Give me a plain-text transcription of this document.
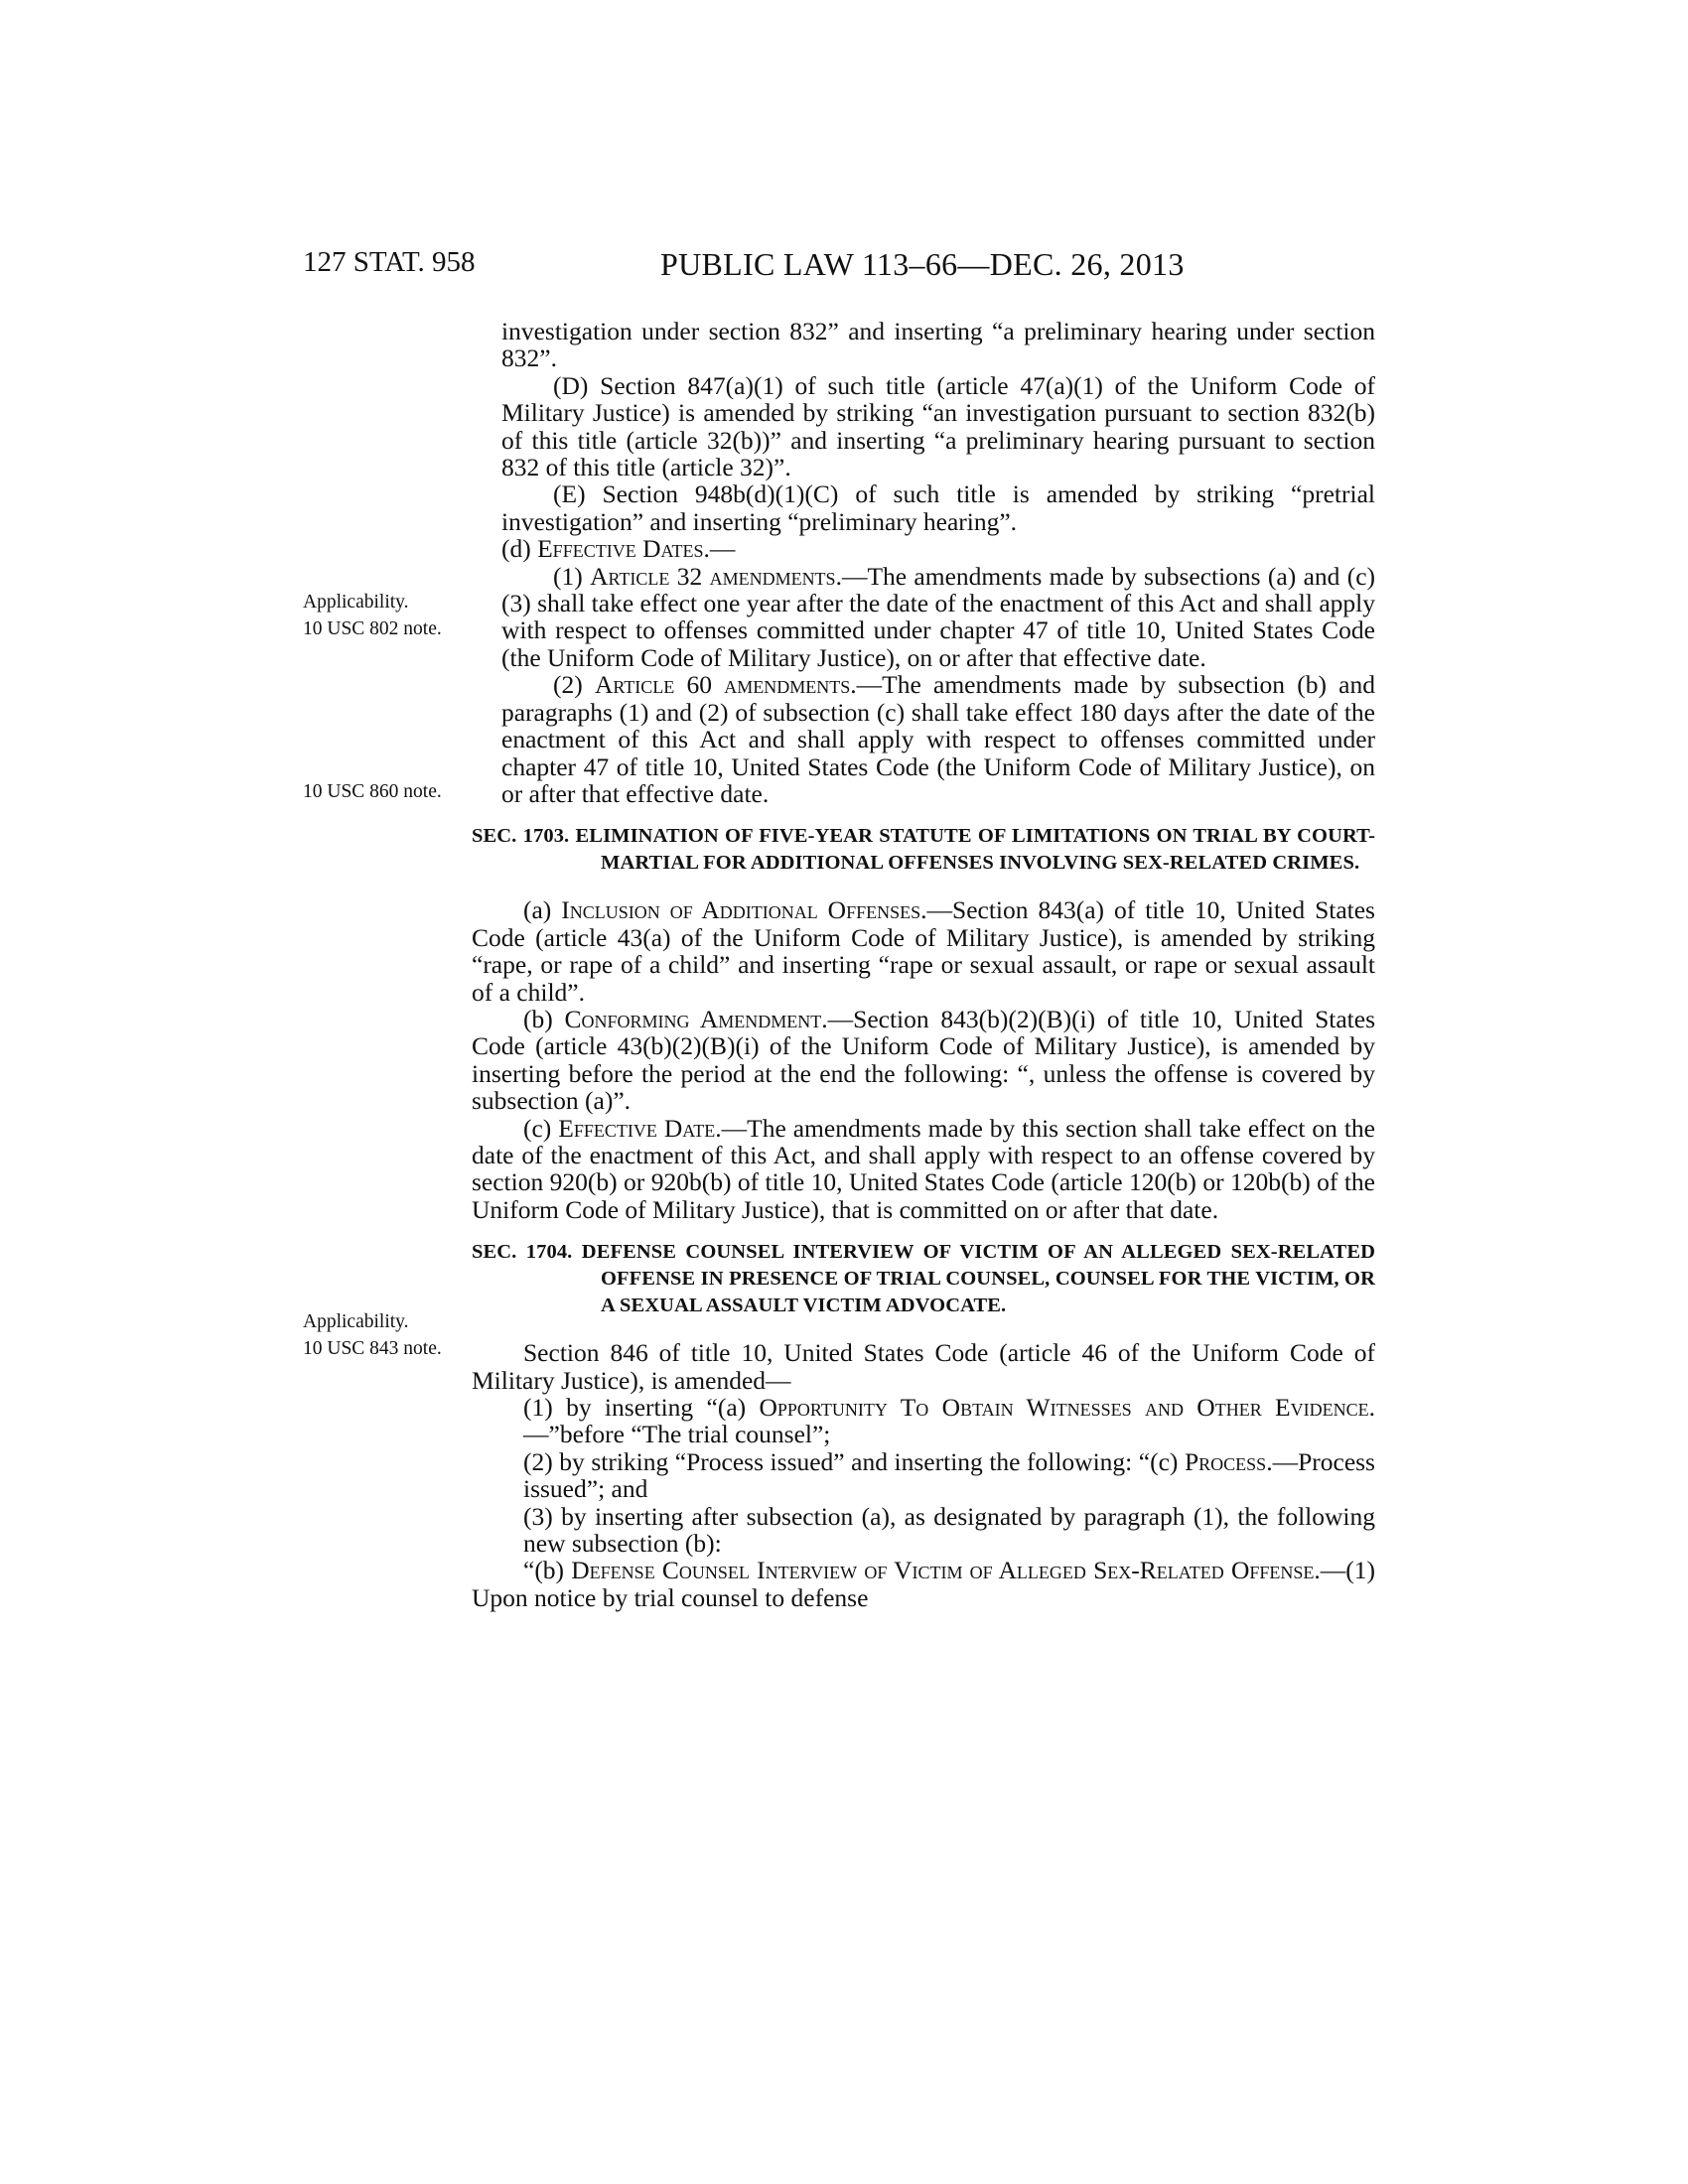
127 STAT. 958	PUBLIC LAW 113–66—DEC. 26, 2013
Applicability.
10 USC 802 note.
10 USC 860 note.
Applicability.
10 USC 843 note.

investigation under section 832” and inserting “a preliminary hearing under section 832”.

(D) Section 847(a)(1) of such title (article 47(a)(1) of the Uniform Code of Military Justice) is amended by striking “an investigation pursuant to section 832(b) of this title (article 32(b))” and inserting “a preliminary hearing pursuant to section 832 of this title (article 32)”.

(E) Section 948b(d)(1)(C) of such title is amended by striking “pretrial investigation” and inserting “preliminary hearing”.

(d) Effective Dates.—

(1) Article 32 amendments.—The amendments made by subsections (a) and (c)(3) shall take effect one year after the date of the enactment of this Act and shall apply with respect to offenses committed under chapter 47 of title 10, United States Code (the Uniform Code of Military Justice), on or after that effective date.

(2) Article 60 amendments.—The amendments made by subsection (b) and paragraphs (1) and (2) of subsection (c) shall take effect 180 days after the date of the enactment of this Act and shall apply with respect to offenses committed under chapter 47 of title 10, United States Code (the Uniform Code of Military Justice), on or after that effective date.

SEC. 1703. ELIMINATION OF FIVE-YEAR STATUTE OF LIMITATIONS ON TRIAL BY COURT-MARTIAL FOR ADDITIONAL OFFENSES INVOLVING SEX-RELATED CRIMES.

(a) Inclusion of Additional Offenses.—Section 843(a) of title 10, United States Code (article 43(a) of the Uniform Code of Military Justice), is amended by striking “rape, or rape of a child” and inserting “rape or sexual assault, or rape or sexual assault of a child”.

(b) Conforming Amendment.—Section 843(b)(2)(B)(i) of title 10, United States Code (article 43(b)(2)(B)(i) of the Uniform Code of Military Justice), is amended by inserting before the period at the end the following: “, unless the offense is covered by subsection (a)”.

(c) Effective Date.—The amendments made by this section shall take effect on the date of the enactment of this Act, and shall apply with respect to an offense covered by section 920(b) or 920b(b) of title 10, United States Code (article 120(b) or 120b(b) of the Uniform Code of Military Justice), that is committed on or after that date.

SEC. 1704. DEFENSE COUNSEL INTERVIEW OF VICTIM OF AN ALLEGED SEX-RELATED OFFENSE IN PRESENCE OF TRIAL COUNSEL, COUNSEL FOR THE VICTIM, OR A SEXUAL ASSAULT VICTIM ADVOCATE.

Section 846 of title 10, United States Code (article 46 of the Uniform Code of Military Justice), is amended—

(1) by inserting “(a) Opportunity To Obtain Witnesses and Other Evidence.—”before “The trial counsel”;

(2) by striking “Process issued” and inserting the following: “(c) Process.—Process issued”; and

(3) by inserting after subsection (a), as designated by paragraph (1), the following new subsection (b):

“(b) Defense Counsel Interview of Victim of Alleged Sex-Related Offense.—(1) Upon notice by trial counsel to defense
